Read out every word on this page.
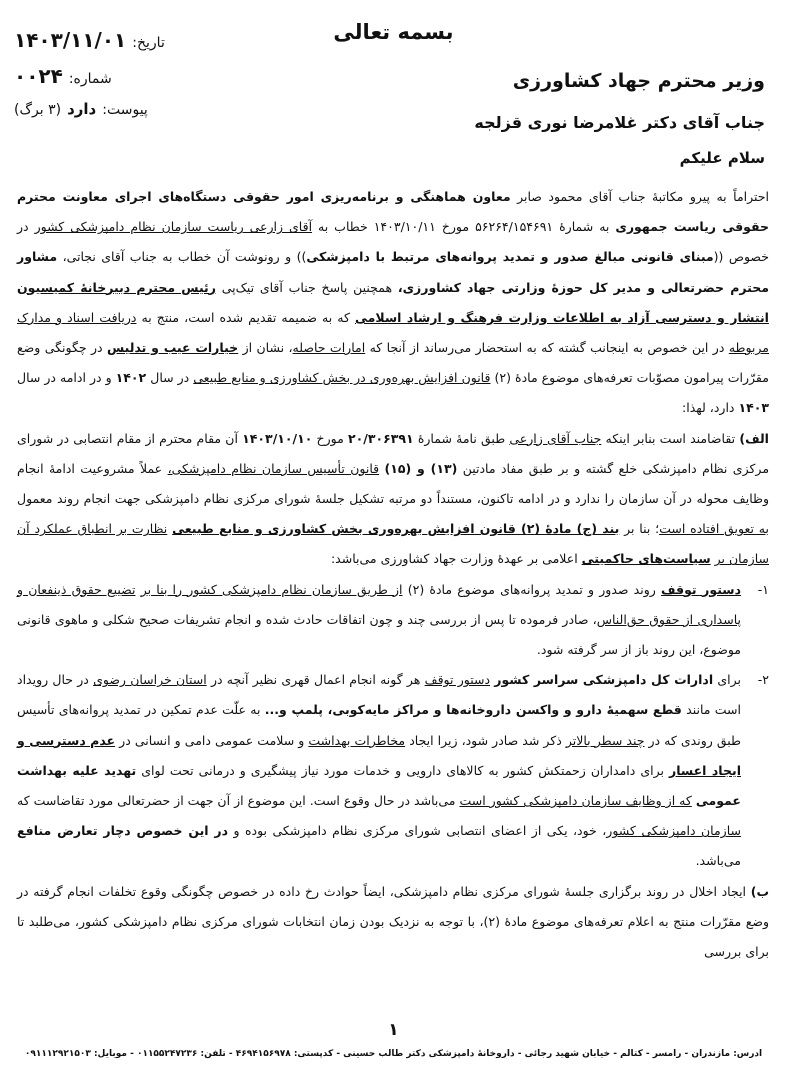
بسمه تعالی
تاریخ:
۱۴۰۳/۱۱/۰۱
شماره:
۰۰۲۴
پیوست:
دارد
(۳ برگ)
وزیر محترم جهاد کشاورزی
جناب آقای دکتر غلامرضا نوری قزلجه
سلام علیکم

احتراماً به پیرو مکاتبهٔ جناب آقای محمود صابر معاون هماهنگی و برنامه‌ریزی امور حقوقی دستگاه‌های اجرای معاونت محترم حقوقی ریاست جمهوری به شمارهٔ ۵۶۲۶۴/۱۵۴۶۹۱ مورخ ۱۴۰۳/۱۰/۱۱ خطاب به آقای زارعی ریاست سازمان نظام دامپزشکی کشور در خصوص ((مبنای قانونی مبالغ صدور و تمدید پروانه‌های مرتبط با دامپزشکی)) و رونوشت آن خطاب به جناب آقای نجاتی، مشاور محترم حضرتعالی و مدیر کل حوزهٔ وزارتی جهاد کشاورزی، همچنین پاسخ جناب آقای تیک‌پی رئیس محترم دبیرخانهٔ کمیسیون انتشار و دسترسی آزاد به اطلاعات وزارت فرهنگ و ارشاد اسلامی که به ضمیمه تقدیم شده است، منتج به دریافت اسناد و مدارک مربوطه در این خصوص به اینجانب گشته که به استحضار می‌رساند از آنجا که امارات حاصله، نشان از خیارات عیب و تدلیس در چگونگی وضع مقرّرات پیرامون مصوّبات تعرفه‌های موضوع مادهٔ (۲) قانون افزایش بهره‌وری در بخش کشاورزی و منابع طبیعی در سال ۱۴۰۲ و در ادامه در سال ۱۴۰۳ دارد، لهذا:

الف) تقاضامند است بنابر اینکه جناب آقای زارعی طبق نامهٔ شمارهٔ ۲۰/۳۰۶۳۹۱ مورخ ۱۴۰۳/۱۰/۱۰ آن مقام محترم از مقام انتصابی در شورای مرکزی نظام دامپزشکی خلع گشته و بر طبق مفاد مادتین (۱۳) و (۱۵) قانون تأسیس سازمان نظام دامپزشکی، عملاً مشروعیت ادامهٔ انجام وظایف محوله در آن سازمان را ندارد و در ادامه تاکنون، مستنداً دو مرتبه تشکیل جلسهٔ شورای مرکزی نظام دامپزشکی جهت انجام روند معمول به تعویق افتاده است؛ بنا بر بند (ج) مادهٔ (۲) قانون افزایش بهره‌وری بخش کشاورزی و منابع طبیعی نظارت بر انطباق عملکرد آن سازمان بر سیاست‌های حاکمیتی اعلامی بر عهدهٔ وزارت جهاد کشاورزی می‌باشد:

۱-
دستور توقف روند صدور و تمدید پروانه‌های موضوع مادهٔ (۲) از طریق سازمان نظام دامپزشکی کشور را بنا بر تضییع حقوق ذینفعان و پاسداری از حقوق حق‌الناس، صادر فرموده تا پس از بررسی چند و چون اتفاقات حادث شده و انجام تشریفات صحیح شکلی و ماهوی قانونی موضوع، این روند باز از سر گرفته شود.
۲-
برای ادارات کل دامپزشکی سراسر کشور دستور توقف هر گونه انجام اعمال قهری نظیر آنچه در استان خراسان رضوی در حال رویداد است مانند قطع سهمیهٔ دارو و واکسن داروخانه‌ها و مراکز مایه‌کوبی، پلمپ و... به علّت عدم تمکین در تمدید پروانه‌های تأسیس طبق روندی که در چند سطر بالاتر ذکر شد صادر شود، زیرا ایجاد مخاطرات بهداشت و سلامت عمومی دامی و انسانی در عدم دسترسی و ایجاد اعسار برای دامداران زحمتکش کشور به کالاهای دارویی و خدمات مورد نیاز پیشگیری و درمانی تحت لوای تهدید علیه بهداشت عمومی که از وظایف سازمان دامپزشکی کشور است می‌باشد در حال وقوع است. این موضوع از آن جهت از حضرتعالی مورد تقاضاست که سازمان دامپزشکی کشور، خود، یکی از اعضای انتصابی شورای مرکزی نظام دامپزشکی بوده و در این خصوص دچار تعارض منافع می‌باشد.

ب) ایجاد اخلال در روند برگزاری جلسهٔ شورای مرکزی نظام دامپزشکی، ایضاً حوادث رخ داده در خصوص چگونگی وقوع تخلفات انجام گرفته در وضع مقرّرات منتج به اعلام تعرفه‌های موضوع مادهٔ (۲)، با توجه به نزدیک بودن زمان انتخابات شورای مرکزی نظام دامپزشکی کشور، می‌طلبد تا برای بررسی

۱
آدرس: مازندران - رامسر - کتالم - خیابان شهید رجائی - داروخانهٔ دامپزشکی دکتر طالب حسینی - کدپستی: ۴۶۹۴۱۵۶۹۷۸ - تلفن: ۰۱۱۵۵۲۴۷۲۳۶ - موبایل: ۰۹۱۱۱۲۹۲۱۵۰۳
